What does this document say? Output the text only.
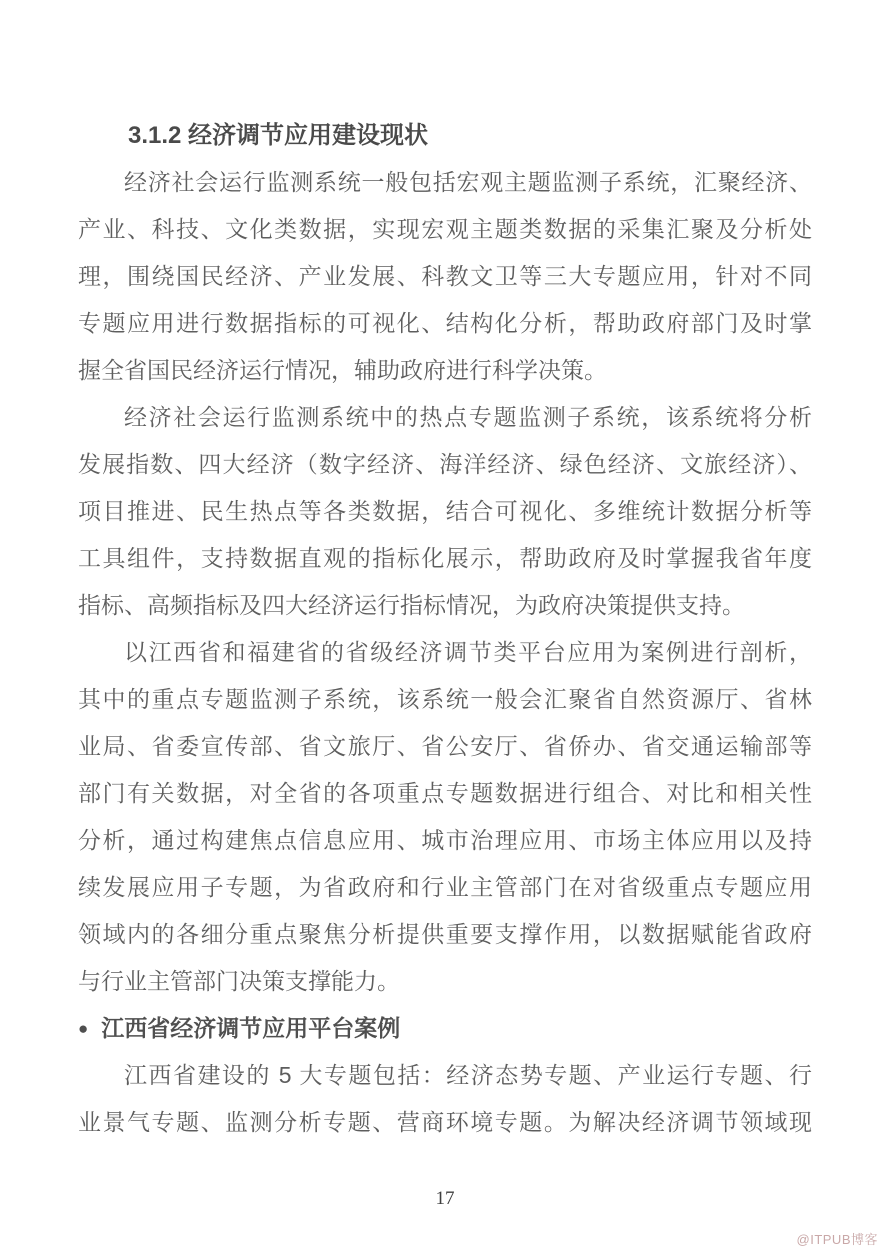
3.1.2 经济调节应用建设现状
经济社会运行监测系统一般包括宏观主题监测子系统，汇聚经济、
产业、科技、文化类数据，实现宏观主题类数据的采集汇聚及分析处
理，围绕国民经济、产业发展、科教文卫等三大专题应用，针对不同
专题应用进行数据指标的可视化、结构化分析，帮助政府部门及时掌
握全省国民经济运行情况，辅助政府进行科学决策。
经济社会运行监测系统中的热点专题监测子系统，该系统将分析
发展指数、四大经济（数字经济、海洋经济、绿色经济、文旅经济）、
项目推进、民生热点等各类数据，结合可视化、多维统计数据分析等
工具组件，支持数据直观的指标化展示，帮助政府及时掌握我省年度
指标、高频指标及四大经济运行指标情况，为政府决策提供支持。
以江西省和福建省的省级经济调节类平台应用为案例进行剖析，
其中的重点专题监测子系统，该系统一般会汇聚省自然资源厅、省林
业局、省委宣传部、省文旅厅、省公安厅、省侨办、省交通运输部等
部门有关数据，对全省的各项重点专题数据进行组合、对比和相关性
分析，通过构建焦点信息应用、城市治理应用、市场主体应用以及持
续发展应用子专题，为省政府和行业主管部门在对省级重点专题应用
领域内的各细分重点聚焦分析提供重要支撑作用，以数据赋能省政府
与行业主管部门决策支撑能力。
● 江西省经济调节应用平台案例
江西省建设的 5 大专题包括：经济态势专题、产业运行专题、行
业景气专题、监测分析专题、营商环境专题。为解决经济调节领域现
17
@ITPUB博客
